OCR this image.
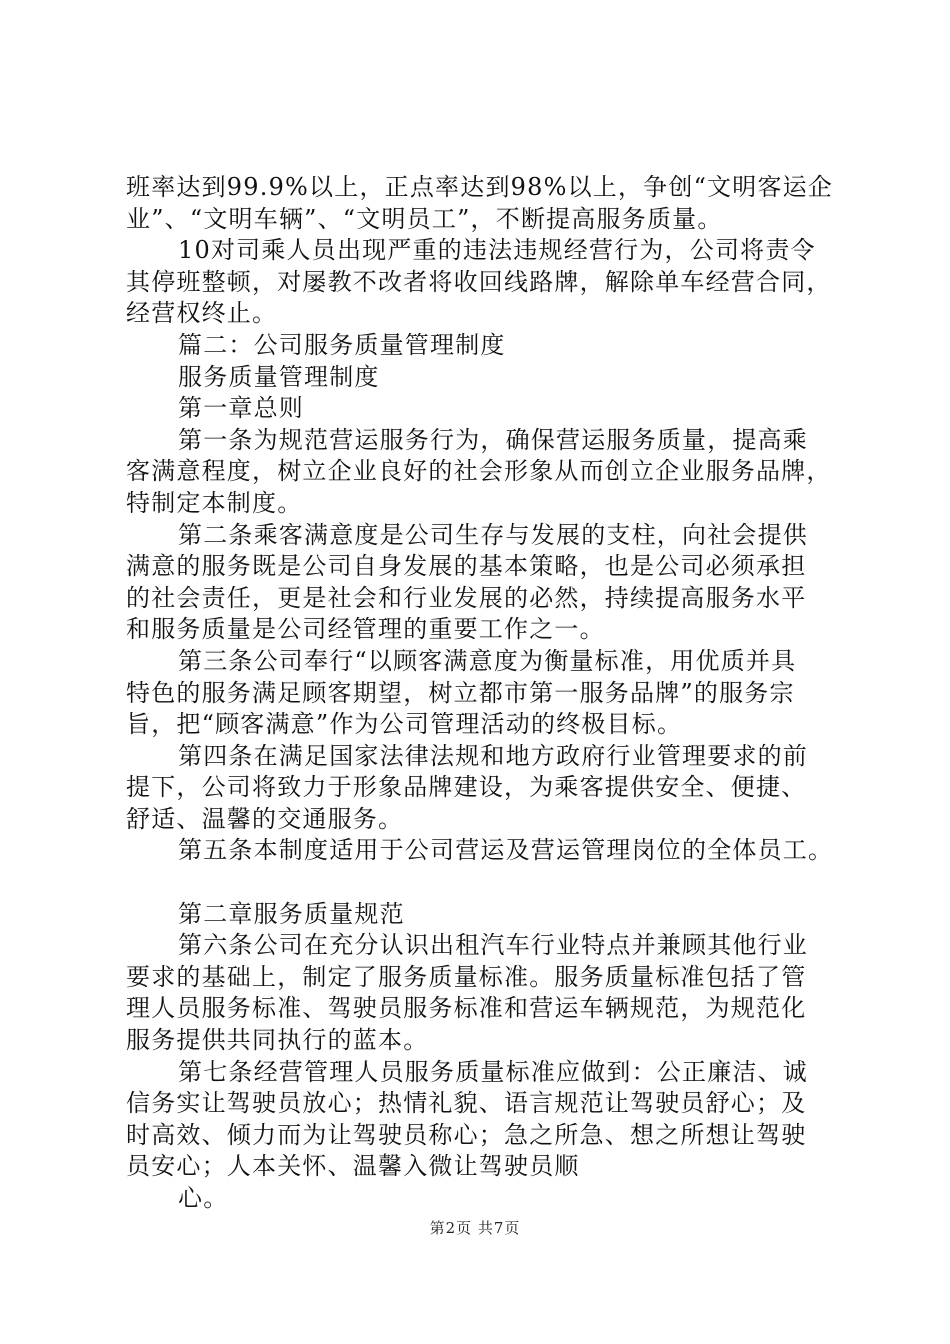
班率达到99.9%以上，正点率达到98%以上，争创“文明客运企
业”、“文明车辆”、“文明员工”，不断提高服务质量。
10对司乘人员出现严重的违法违规经营行为，公司将责令
其停班整顿，对屡教不改者将收回线路牌，解除单车经营合同，
经营权终止。
篇二：公司服务质量管理制度
服务质量管理制度
第一章总则
第一条为规范营运服务行为，确保营运服务质量，提高乘
客满意程度，树立企业良好的社会形象从而创立企业服务品牌，
特制定本制度。
第二条乘客满意度是公司生存与发展的支柱，向社会提供
满意的服务既是公司自身发展的基本策略，也是公司必须承担
的社会责任，更是社会和行业发展的必然，持续提高服务水平
和服务质量是公司经管理的重要工作之一。
第三条公司奉行“以顾客满意度为衡量标准，用优质并具
特色的服务满足顾客期望，树立都市第一服务品牌”的服务宗
旨，把“顾客满意”作为公司管理活动的终极目标。
第四条在满足国家法律法规和地方政府行业管理要求的前
提下，公司将致力于形象品牌建设，为乘客提供安全、便捷、
舒适、温馨的交通服务。
第五条本制度适用于公司营运及营运管理岗位的全体员工。
第二章服务质量规范
第六条公司在充分认识出租汽车行业特点并兼顾其他行业
要求的基础上，制定了服务质量标准。服务质量标准包括了管
理人员服务标准、驾驶员服务标准和营运车辆规范，为规范化
服务提供共同执行的蓝本。
第七条经营管理人员服务质量标准应做到：公正廉洁、诚
信务实让驾驶员放心；热情礼貌、语言规范让驾驶员舒心；及
时高效、倾力而为让驾驶员称心；急之所急、想之所想让驾驶
员安心；人本关怀、温馨入微让驾驶员顺
心。
第2页 共7页
